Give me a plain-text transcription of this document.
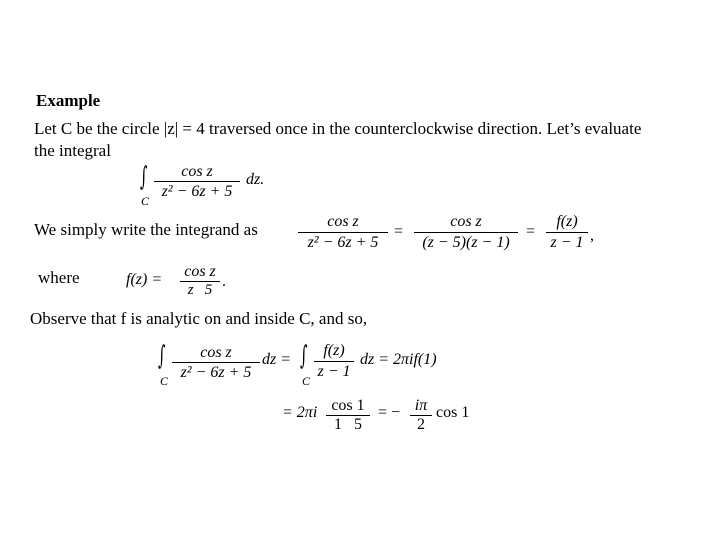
Example
Let C be the circle |z| = 4 traversed once in the counterclockwise direction. Let’s evaluate
the integral
∫
C
cos z
z² − 6z + 5
dz.
We simply write the integrand as	cos z
z² − 6z + 5
=
cos z
(z − 5)(z − 1)
=
f(z)
z − 1 ,
where	f(z) = cos z
z   5 .
Observe that f is analytic on and inside C, and so,
∫
C
cos z
z² − 6z + 5
dz = ∫
C
f(z)
z − 1
dz = 2πif(1)
= 2πi cos 1
1   5
= − iπ
2
cos 1
